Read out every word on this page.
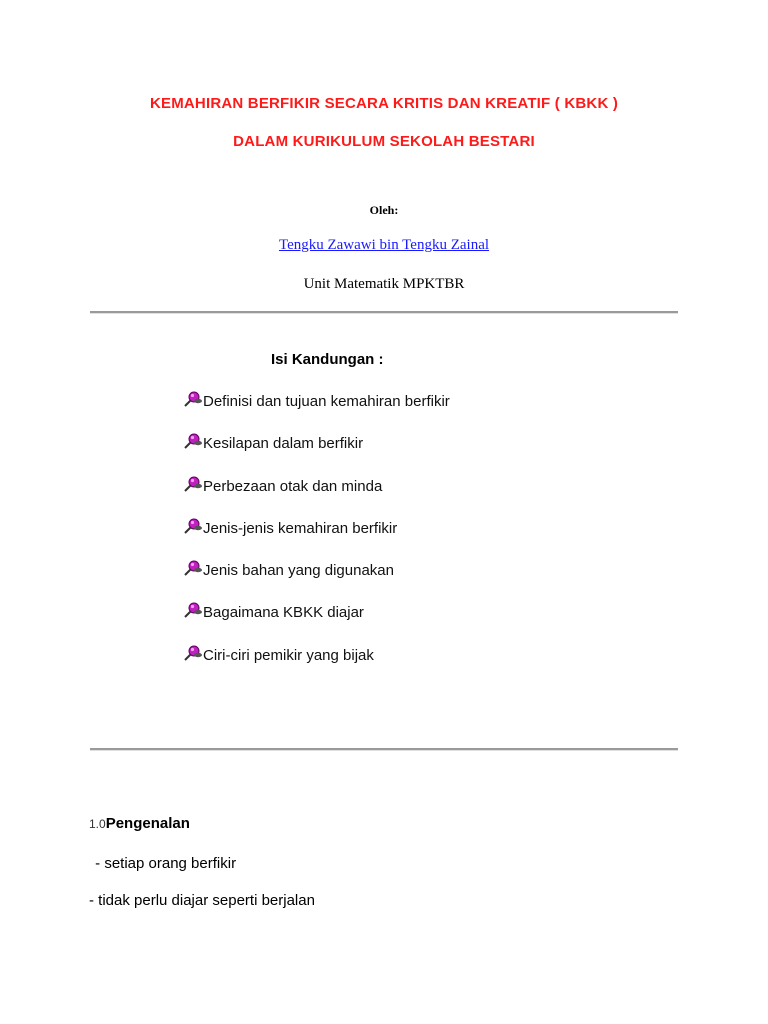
KEMAHIRAN BERFIKIR SECARA KRITIS DAN KREATIF ( KBKK )
DALAM KURIKULUM SEKOLAH BESTARI
Oleh:
Tengku Zawawi bin Tengku Zainal
Unit Matematik MPKTBR
Isi Kandungan :
Definisi dan tujuan kemahiran berfikir
Kesilapan dalam berfikir
Perbezaan otak dan minda
Jenis-jenis kemahiran berfikir
Jenis bahan yang digunakan
Bagaimana KBKK diajar
Ciri-ciri pemikir yang bijak
1.0Pengenalan
- setiap orang berfikir
- tidak perlu diajar seperti berjalan
